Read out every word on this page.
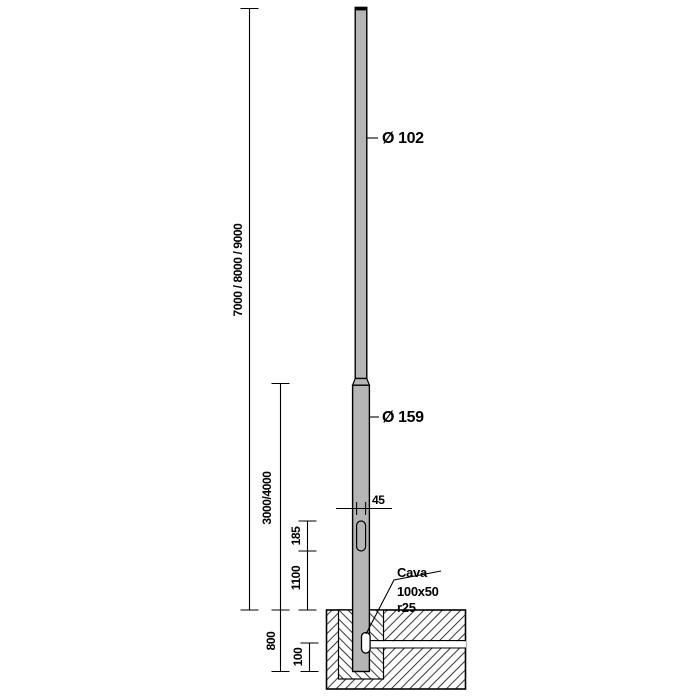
7000 / 8000 / 9000
3000/4000
800
185
1100
100
45
Ø 102
Ø 159
Cava
100x50
r25
